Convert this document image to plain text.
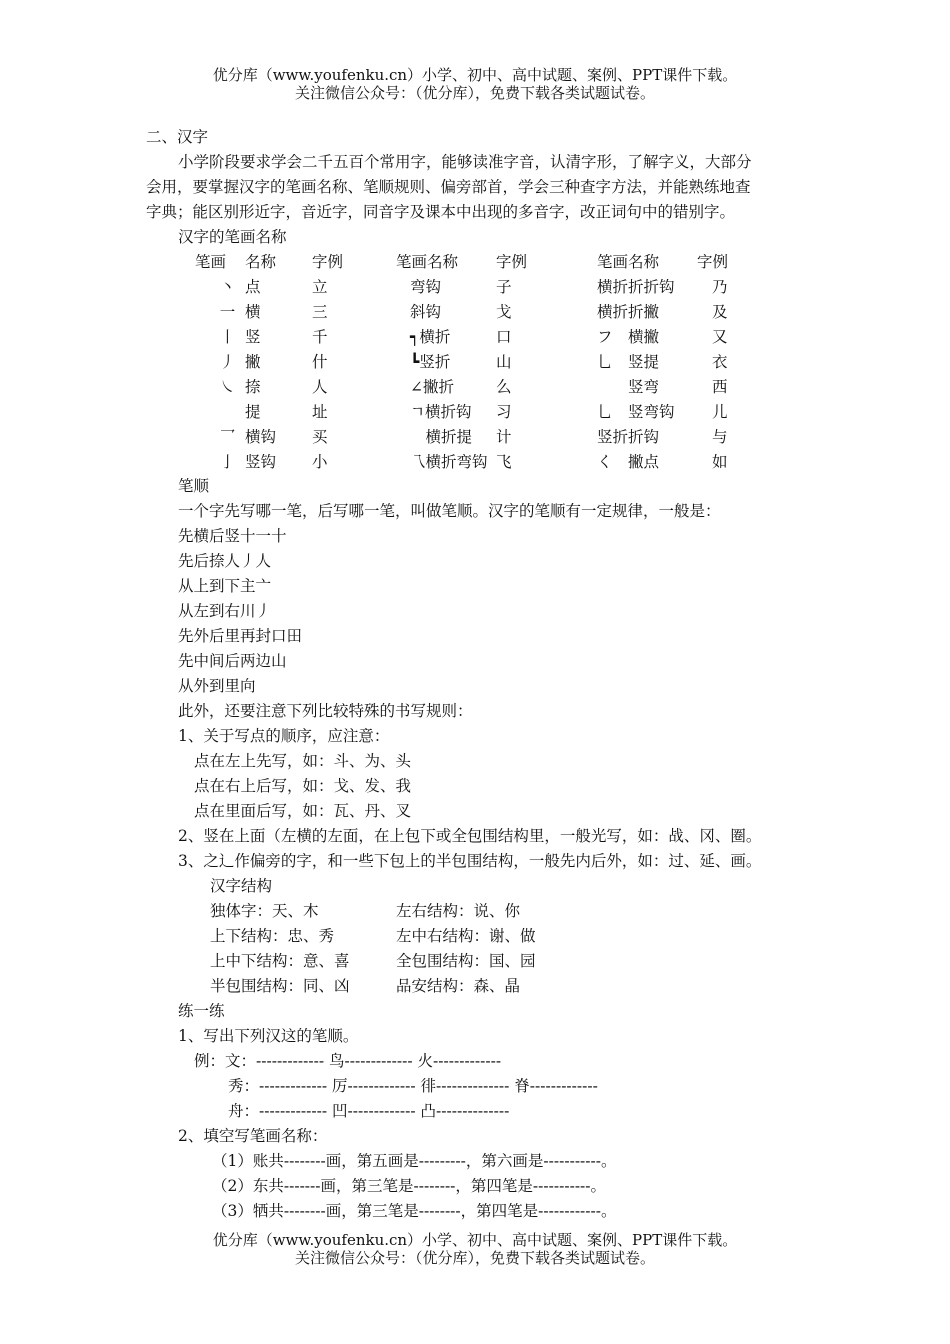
优分库（www.youfenku.cn）小学、初中、高中试题、案例、PPT课件下载。
关注微信公众号：（优分库），免费下载各类试题试卷。
二、汉字
小学阶段要求学会二千五百个常用字，能够读准字音，认清字形，了解字义，大部分
会用，要掌握汉字的笔画名称、笔顺规则、偏旁部首，学会三种查字方法，并能熟练地查
字典；能区别形近字，音近字，同音字及课本中出现的多音字，改正词句中的错别字。
汉字的笔画名称
笔画	名称	字例	笔画名称	字例	笔画名称	字例
丶 点	立	弯钩	子	横折折折钩	乃
一 横	三	斜钩	戈	横折折撇	及
丨 竖	千	┑横折	口	フ　横撇	又
丿 撇	什	┗竖折	山	乚　竖提	衣
㇏ 捺	人	∠撇折	么	　　竖弯	西
提	址	ㄱ横折钩	习	乚　竖弯钩	儿
乛 横钩	买	　横折提	计	竖折折钩	与
亅 竖钩	小	乁横折弯钩 飞	く　撇点	如
笔顺
一个字先写哪一笔，后写哪一笔，叫做笔顺。汉字的笔顺有一定规律，一般是：
先横后竖十一十
先后捺人丿人
从上到下主亠
从左到右川丿
先外后里再封口田
先中间后两边山
从外到里向
此外，还要注意下列比较特殊的书写规则：
1、关于写点的顺序，应注意：
点在左上先写，如：斗、为、头
点在右上后写，如：戈、发、我
点在里面后写，如：瓦、丹、叉
2、竖在上面（左横的左面，在上包下或全包围结构里，一般光写，如：战、冈、圈。
3、之辶作偏旁的字，和一些下包上的半包围结构，一般先内后外，如：过、延、画。
汉字结构
独体字：天、木	左右结构：说、你
上下结构：忠、秀	左中右结构：谢、做
上中下结构：意、喜	全包围结构：国、园
半包围结构：同、凶	品安结构：森、晶
练一练
1、写出下列汉这的笔顺。
例：文：------------- 鸟------------- 火-------------
秀：------------- 厉------------- 徘-------------- 脊-------------
舟：------------- 凹------------- 凸--------------
2、填空写笔画名称：
（1）账共--------画，第五画是---------，第六画是-----------。
（2）东共-------画，第三笔是--------，第四笔是-----------。
（3）牺共--------画，第三笔是--------，第四笔是------------。
优分库（www.youfenku.cn）小学、初中、高中试题、案例、PPT课件下载。
关注微信公众号：（优分库），免费下载各类试题试卷。
